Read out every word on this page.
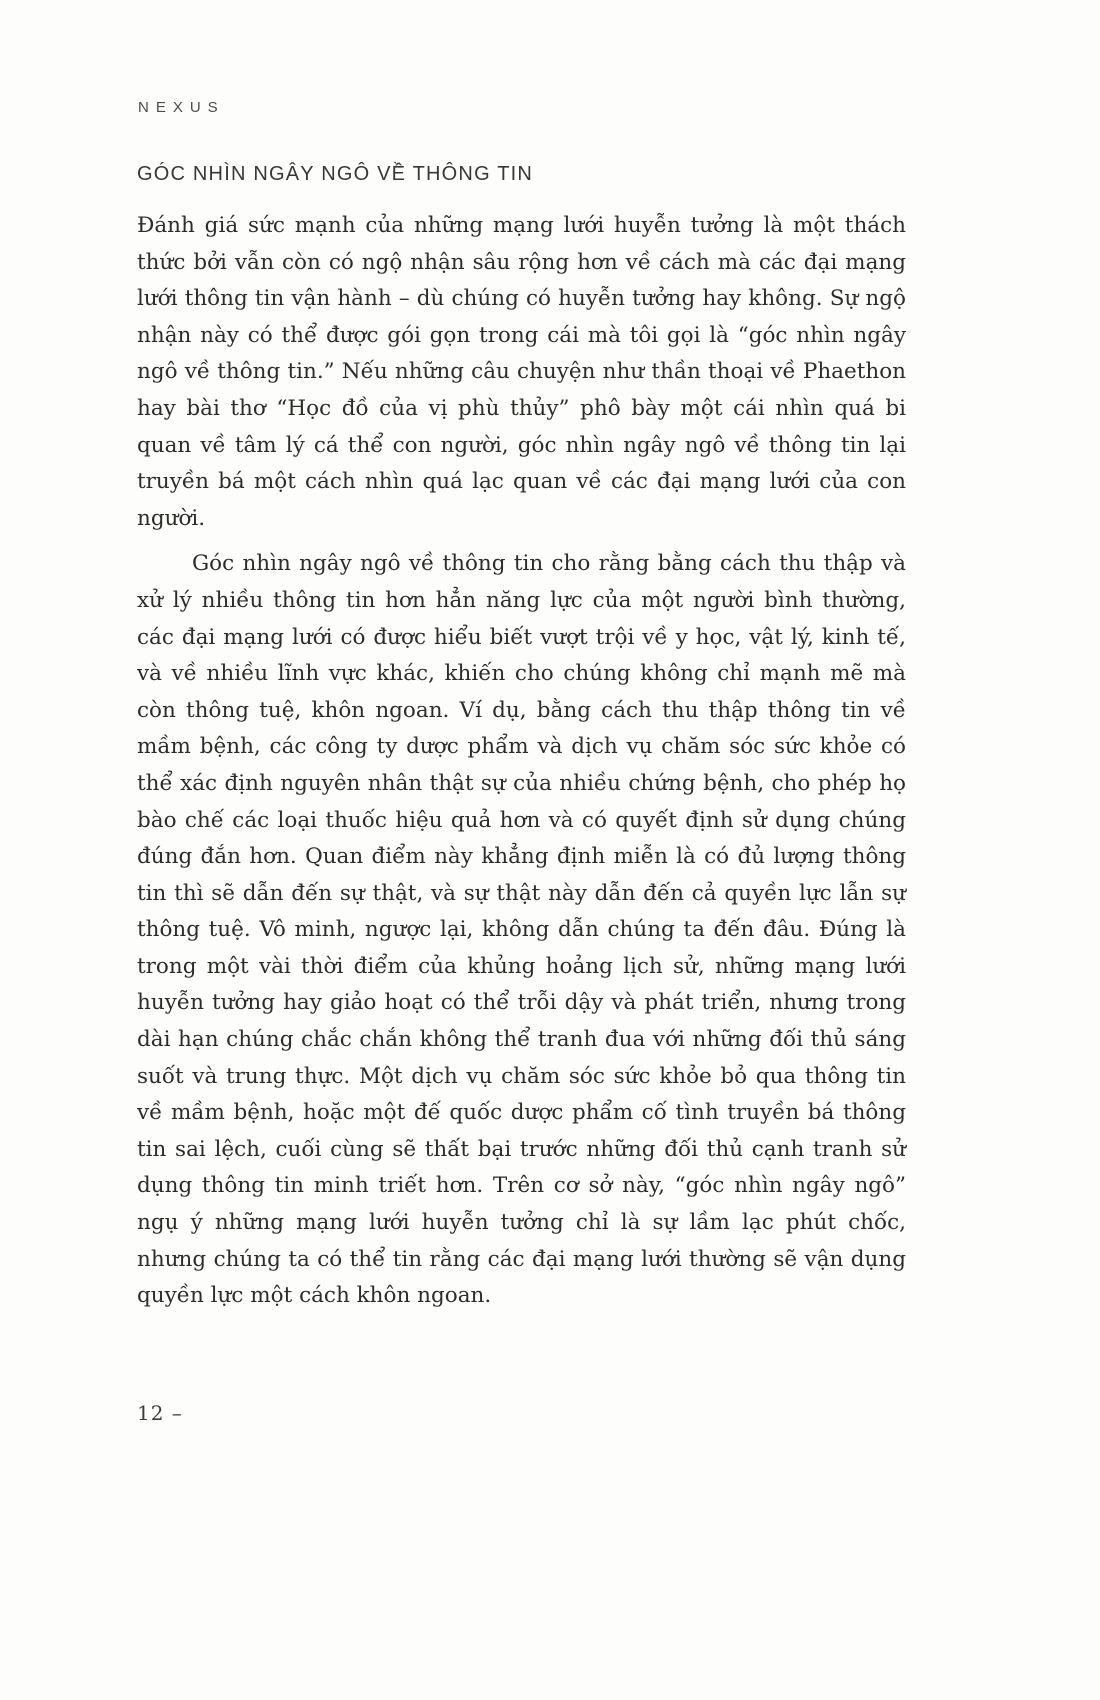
NEXUS
GÓC NHÌN NGÂY NGÔ VỀ THÔNG TIN

Đánh giá sức mạnh của những mạng lưới huyễn tưởng là một thách thức bởi vẫn còn có ngộ nhận sâu rộng hơn về cách mà các đại mạng lưới thông tin vận hành – dù chúng có huyễn tưởng hay không. Sự ngộ nhận này có thể được gói gọn trong cái mà tôi gọi là “góc nhìn ngây ngô về thông tin.” Nếu những câu chuyện như thần thoại về Phaethon hay bài thơ “Học đồ của vị phù thủy” phô bày một cái nhìn quá bi quan về tâm lý cá thể con người, góc nhìn ngây ngô về thông tin lại truyền bá một cách nhìn quá lạc quan về các đại mạng lưới của con người.

Góc nhìn ngây ngô về thông tin cho rằng bằng cách thu thập và xử lý nhiều thông tin hơn hẳn năng lực của một người bình thường, các đại mạng lưới có được hiểu biết vượt trội về y học, vật lý, kinh tế, và về nhiều lĩnh vực khác, khiến cho chúng không chỉ mạnh mẽ mà còn thông tuệ, khôn ngoan. Ví dụ, bằng cách thu thập thông tin về mầm bệnh, các công ty dược phẩm và dịch vụ chăm sóc sức khỏe có thể xác định nguyên nhân thật sự của nhiều chứng bệnh, cho phép họ bào chế các loại thuốc hiệu quả hơn và có quyết định sử dụng chúng đúng đắn hơn. Quan điểm này khẳng định miễn là có đủ lượng thông tin thì sẽ dẫn đến sự thật, và sự thật này dẫn đến cả quyền lực lẫn sự thông tuệ. Vô minh, ngược lại, không dẫn chúng ta đến đâu. Đúng là trong một vài thời điểm của khủng hoảng lịch sử, những mạng lưới huyễn tưởng hay giảo hoạt có thể trỗi dậy và phát triển, nhưng trong dài hạn chúng chắc chắn không thể tranh đua với những đối thủ sáng suốt và trung thực. Một dịch vụ chăm sóc sức khỏe bỏ qua thông tin về mầm bệnh, hoặc một đế quốc dược phẩm cố tình truyền bá thông tin sai lệch, cuối cùng sẽ thất bại trước những đối thủ cạnh tranh sử dụng thông tin minh triết hơn. Trên cơ sở này, “góc nhìn ngây ngô” ngụ ý những mạng lưới huyễn tưởng chỉ là sự lầm lạc phút chốc, nhưng chúng ta có thể tin rằng các đại mạng lưới thường sẽ vận dụng quyền lực một cách khôn ngoan.

12 –
